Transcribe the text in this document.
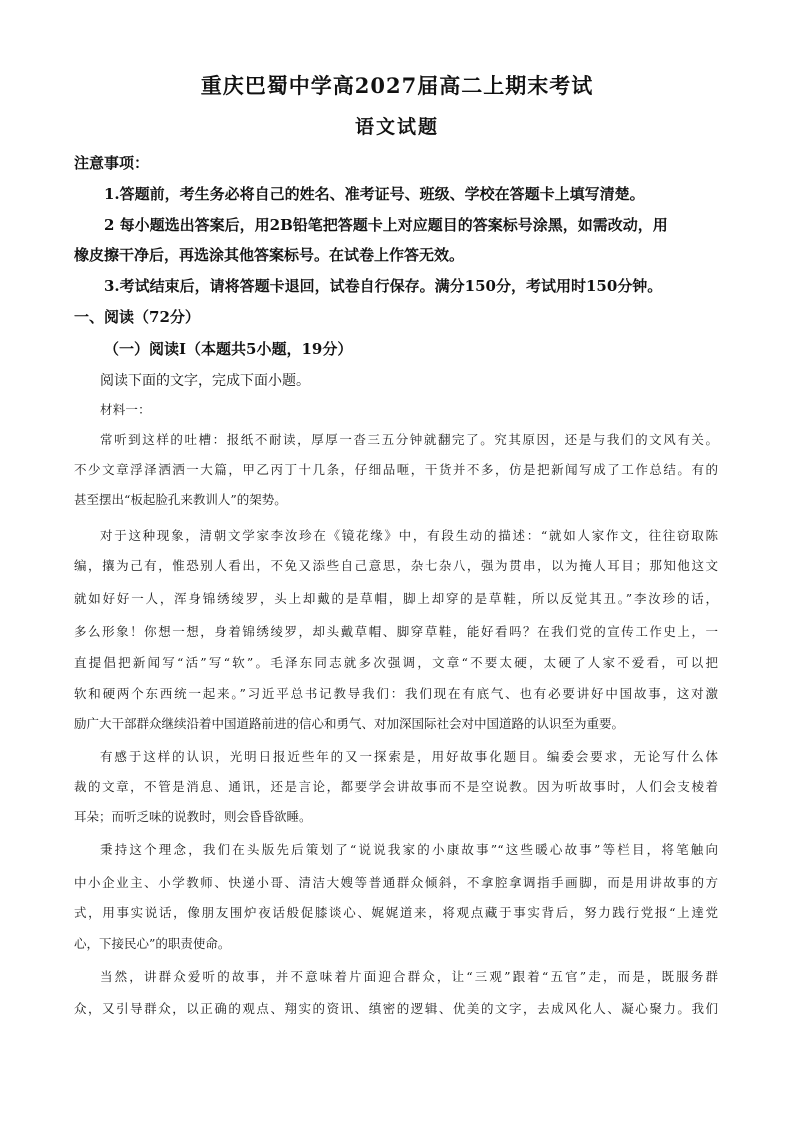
重庆巴蜀中学高2027届高二上期末考试
语文试题
注意事项：
1.答题前，考生务必将自己的姓名、准考证号、班级、学校在答题卡上填写清楚。
2 每小题选出答案后，用2B铅笔把答题卡上对应题目的答案标号涂黑，如需改动，用
橡皮擦干净后，再选涂其他答案标号。在试卷上作答无效。
3.考试结束后，请将答题卡退回，试卷自行保存。满分150分，考试用时150分钟。
一、阅读（72分）
（一）阅读Ⅰ（本题共5小题，19分）
阅读下面的文字，完成下面小题。
材料一：
常听到这样的吐槽：报纸不耐读，厚厚一沓三五分钟就翻完了。究其原因，还是与我们的文风有关。
不少文章浮泽洒洒一大篇，甲乙丙丁十几条，仔细品咂，干货并不多，仿是把新闻写成了工作总结。有的
甚至摆出“板起脸孔来教训人”的架势。
对于这种现象，清朝文学家李汝珍在《镜花缘》中，有段生动的描述：“就如人家作文，往往窃取陈
编，攘为己有，惟恐别人看出，不免又添些自己意思，杂七杂八，强为贯串，以为掩人耳目；那知他这文
就如好好一人，浑身锦绣绫罗，头上却戴的是草帽，脚上却穿的是草鞋，所以反觉其丑。”李汝珍的话，
多么形象！你想一想，身着锦绣绫罗，却头戴草帽、脚穿草鞋，能好看吗？在我们党的宣传工作史上，一
直提倡把新闻写“活”写“软”。毛泽东同志就多次强调，文章“不要太硬，太硬了人家不爱看，可以把
软和硬两个东西统一起来。”习近平总书记教导我们：我们现在有底气、也有必要讲好中国故事，这对激
励广大干部群众继续沿着中国道路前进的信心和勇气、对加深国际社会对中国道路的认识至为重要。
有感于这样的认识，光明日报近些年的又一探索是，用好故事化题目。编委会要求，无论写什么体
裁的文章，不管是消息、通讯，还是言论，都要学会讲故事而不是空说教。因为听故事时，人们会支棱着
耳朵；而听乏味的说教时，则会昏昏欲睡。
秉持这个理念，我们在头版先后策划了“说说我家的小康故事”“这些暖心故事”等栏目，将笔触向
中小企业主、小学教师、快递小哥、清洁大嫂等普通群众倾斜，不拿腔拿调指手画脚，而是用讲故事的方
式，用事实说话，像朋友围炉夜话般促膝谈心、娓娓道来，将观点藏于事实背后，努力践行党报“上達党
心，下接民心”的职责使命。
当然，讲群众爱听的故事，并不意味着片面迎合群众，让“三观”跟着“五官”走，而是，既服务群
众，又引导群众，以正确的观点、翔实的资讯、缜密的逻辑、优美的文字，去成风化人、凝心聚力。我们
